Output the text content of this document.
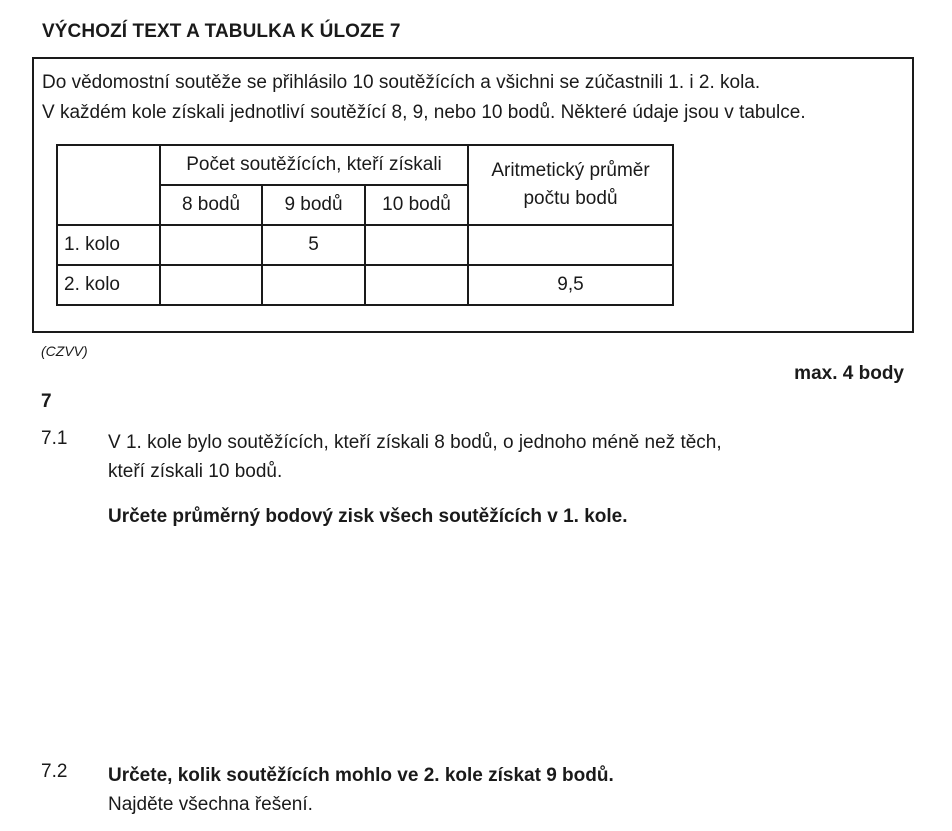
VÝCHOZÍ TEXT A TABULKA K ÚLOZE 7
Do vědomostní soutěže se přihlásilo 10 soutěžících a všichni se zúčastnili 1. i 2. kola.
V každém kole získali jednotliví soutěžící 8, 9, nebo 10 bodů. Některé údaje jsou v tabulce.
	Počet soutěžících, kteří získali			Aritmetický průměr
počtu bodů

	8 bodů	9 bodů	10 bodů	
1. kolo		5		
2. kolo				9,5
(CZVV)
max. 4 body
7
7.1 V 1. kole bylo soutěžících, kteří získali 8 bodů, o jednoho méně než těch,
kteří získali 10 bodů.
Určete průměrný bodový zisk všech soutěžících v 1. kole.
7.2 Určete, kolik soutěžících mohlo ve 2. kole získat 9 bodů.
Najděte všechna řešení.
